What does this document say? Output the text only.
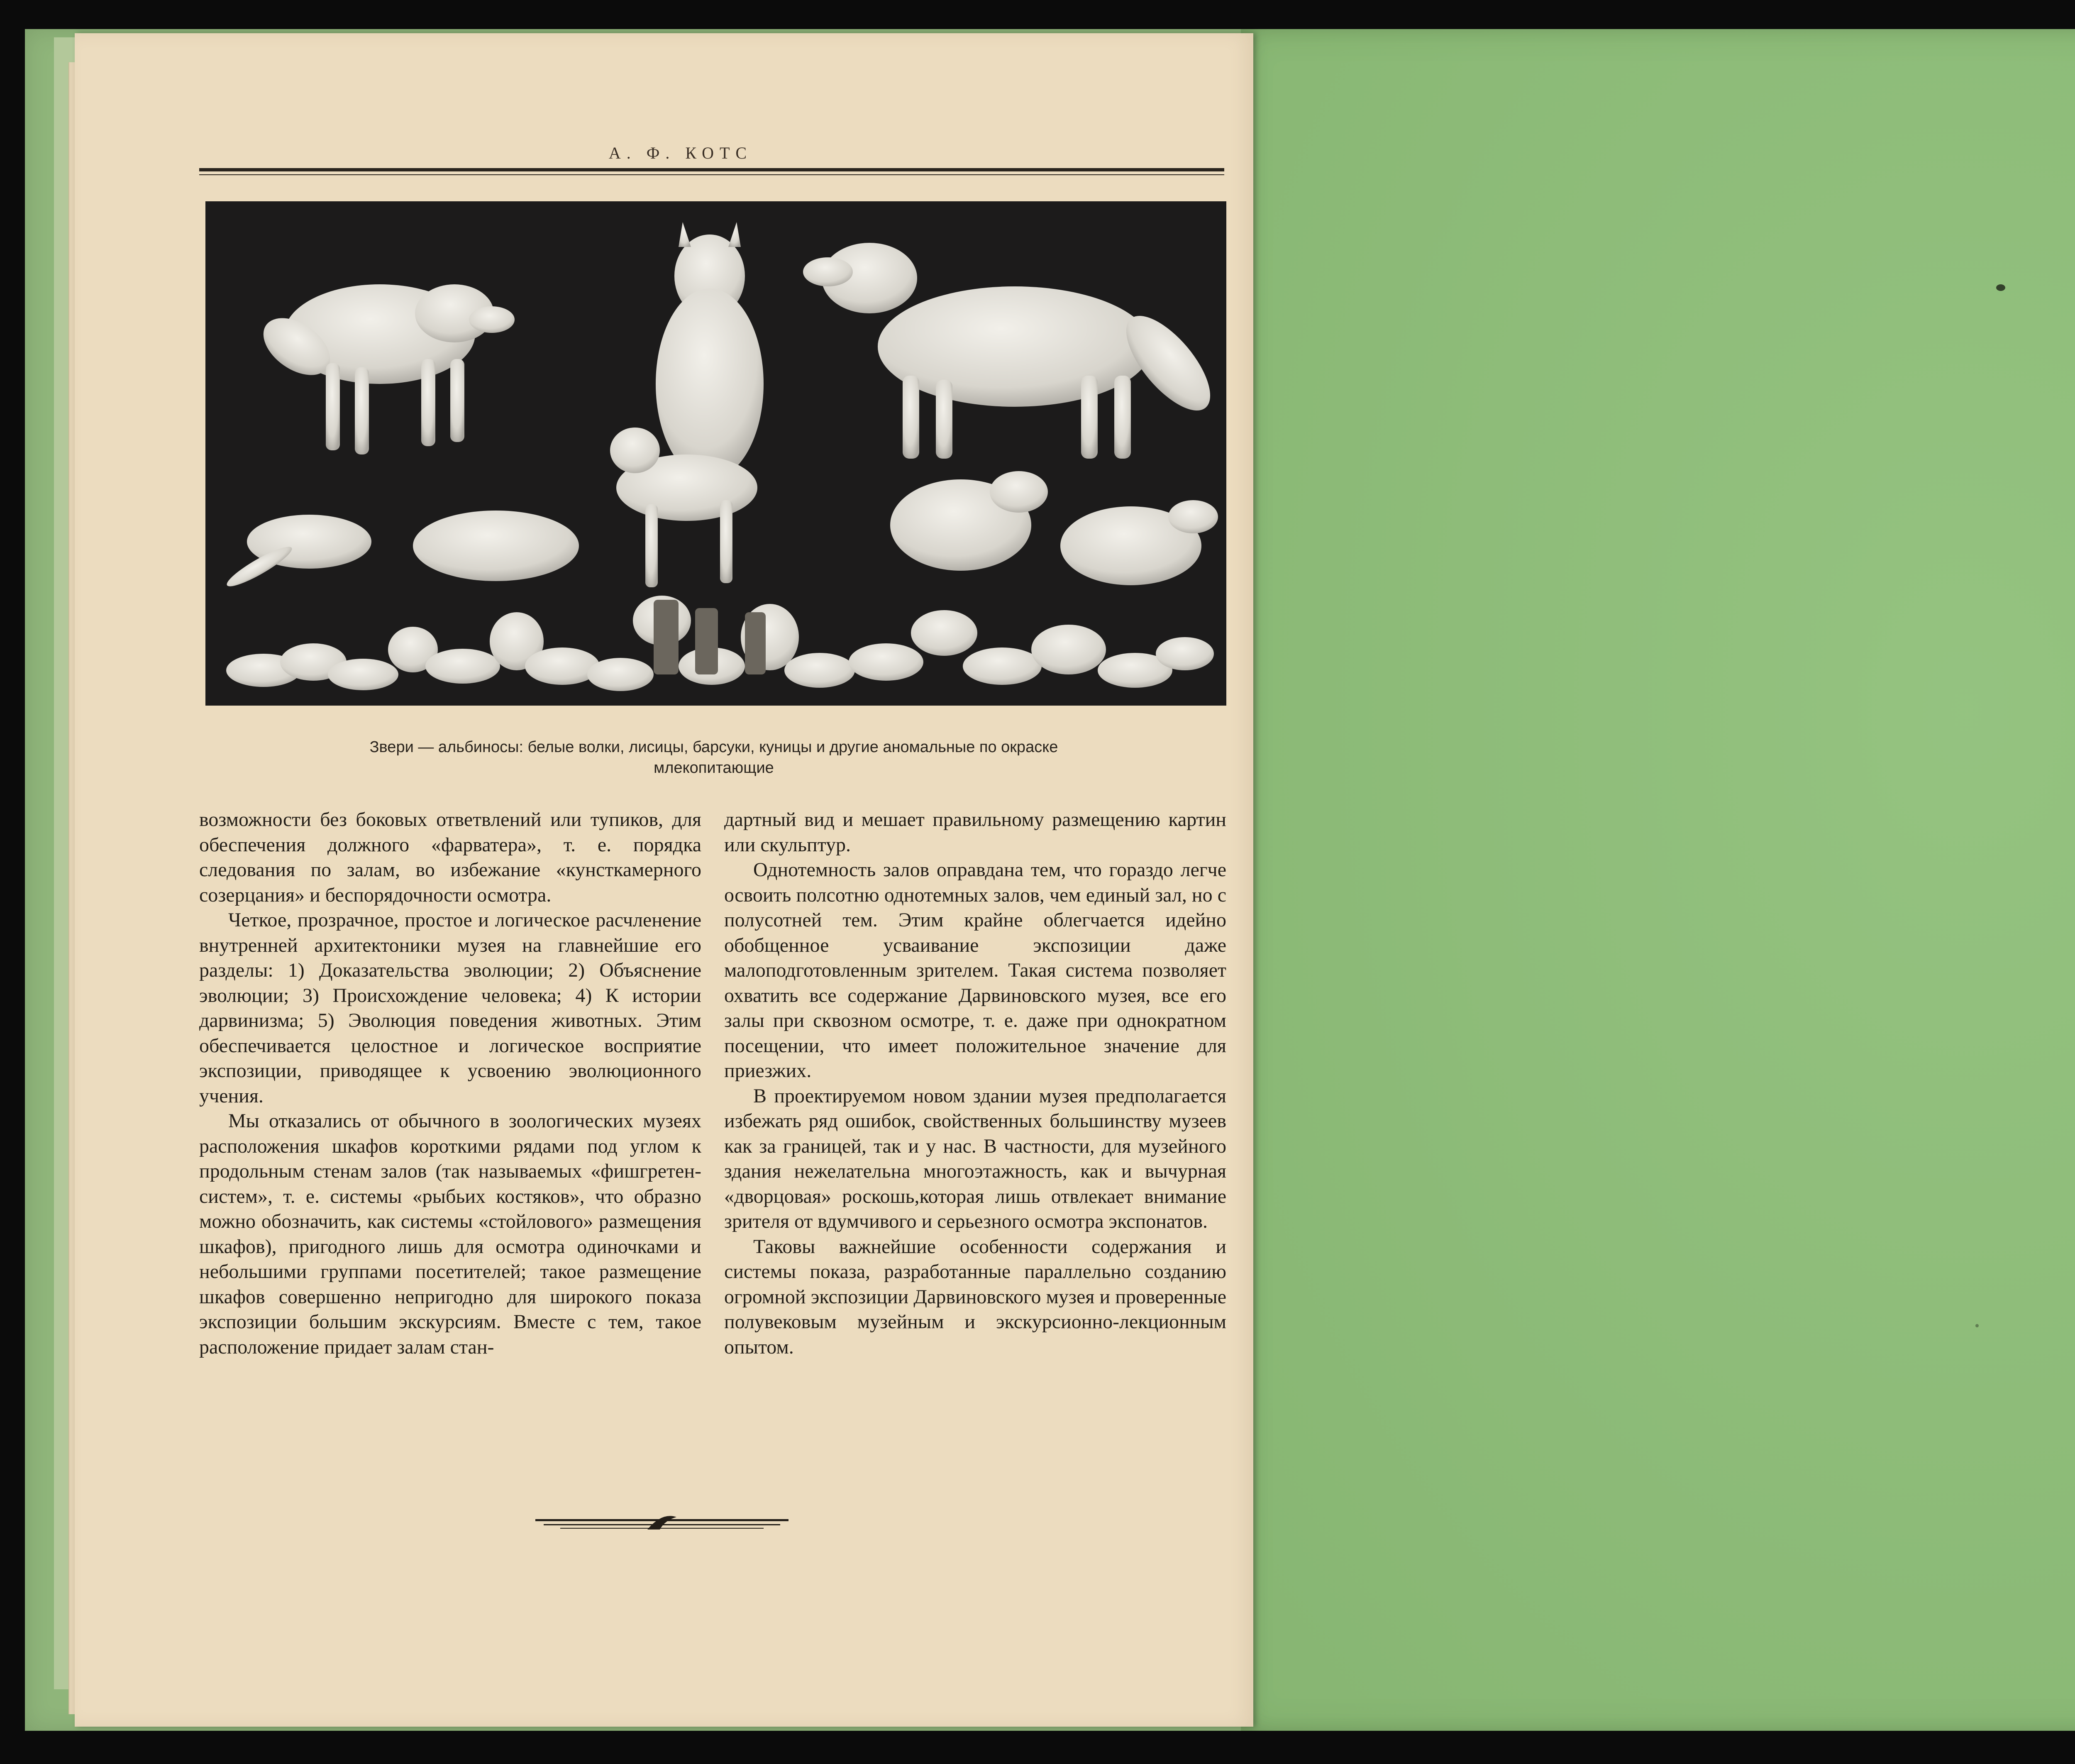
А. Ф. КОТС
Звери — альбиносы: белые волки, лисицы, барсуки, куницы и другие аномальные по окраске
млекопитающие

возможности без боковых ответвлений или тупиков, для обеспечения должного «фарватера», т. е. порядка следования по залам, во избежание «кунсткамерного созерцания» и беспорядочности осмотра.

Четкое, прозрачное, простое и логическое расчленение внутренней архитектоники музея на главнейшие его разделы: 1) Доказательства эволюции; 2) Объяснение эволюции; 3) Происхождение человека; 4) К истории дарвинизма; 5) Эволюция поведения животных. Этим обеспечивается целостное и логическое восприятие экспозиции, приводящее к усвоению эволюционного учения.

Мы отказались от обычного в зоологических музеях расположения шкафов короткими рядами под углом к продольным стенам залов (так называемых «фишгретен-систем», т. е. системы «рыбьих костяков», что образно можно обозначить, как системы «стойлового» размещения шкафов), пригодного лишь для осмотра одиночками и небольшими группами посетителей; такое размещение шкафов совершенно непригодно для широкого показа экспозиции большим экскурсиям. Вместе с тем, такое расположение придает залам стан-

дартный вид и мешает правильному размещению картин или скульптур.

Однотемность залов оправдана тем, что гораздо легче освоить полсотню однотемных залов, чем единый зал, но с полусотней тем. Этим крайне облегчается идейно обобщенное усваивание экспозиции даже малоподготовленным зрителем. Такая система позволяет охватить все содержание Дарвиновского музея, все его залы при сквозном осмотре, т. е. даже при однократном посещении, что имеет положительное значение для приезжих.

В проектируемом новом здании музея предполагается избежать ряд ошибок, свойственных большинству музеев как за границей, так и у нас. В частности, для музейного здания нежелательна многоэтажность, как и вычурная «дворцовая» роскошь,которая лишь отвлекает внимание зрителя от вдумчивого и серьезного осмотра экспонатов.

Таковы важнейшие особенности содержания и системы показа, разработанные параллельно созданию огромной экспозиции Дарвиновского музея и проверенные полувековым музейным и экскурсионно-лекционным опытом.
